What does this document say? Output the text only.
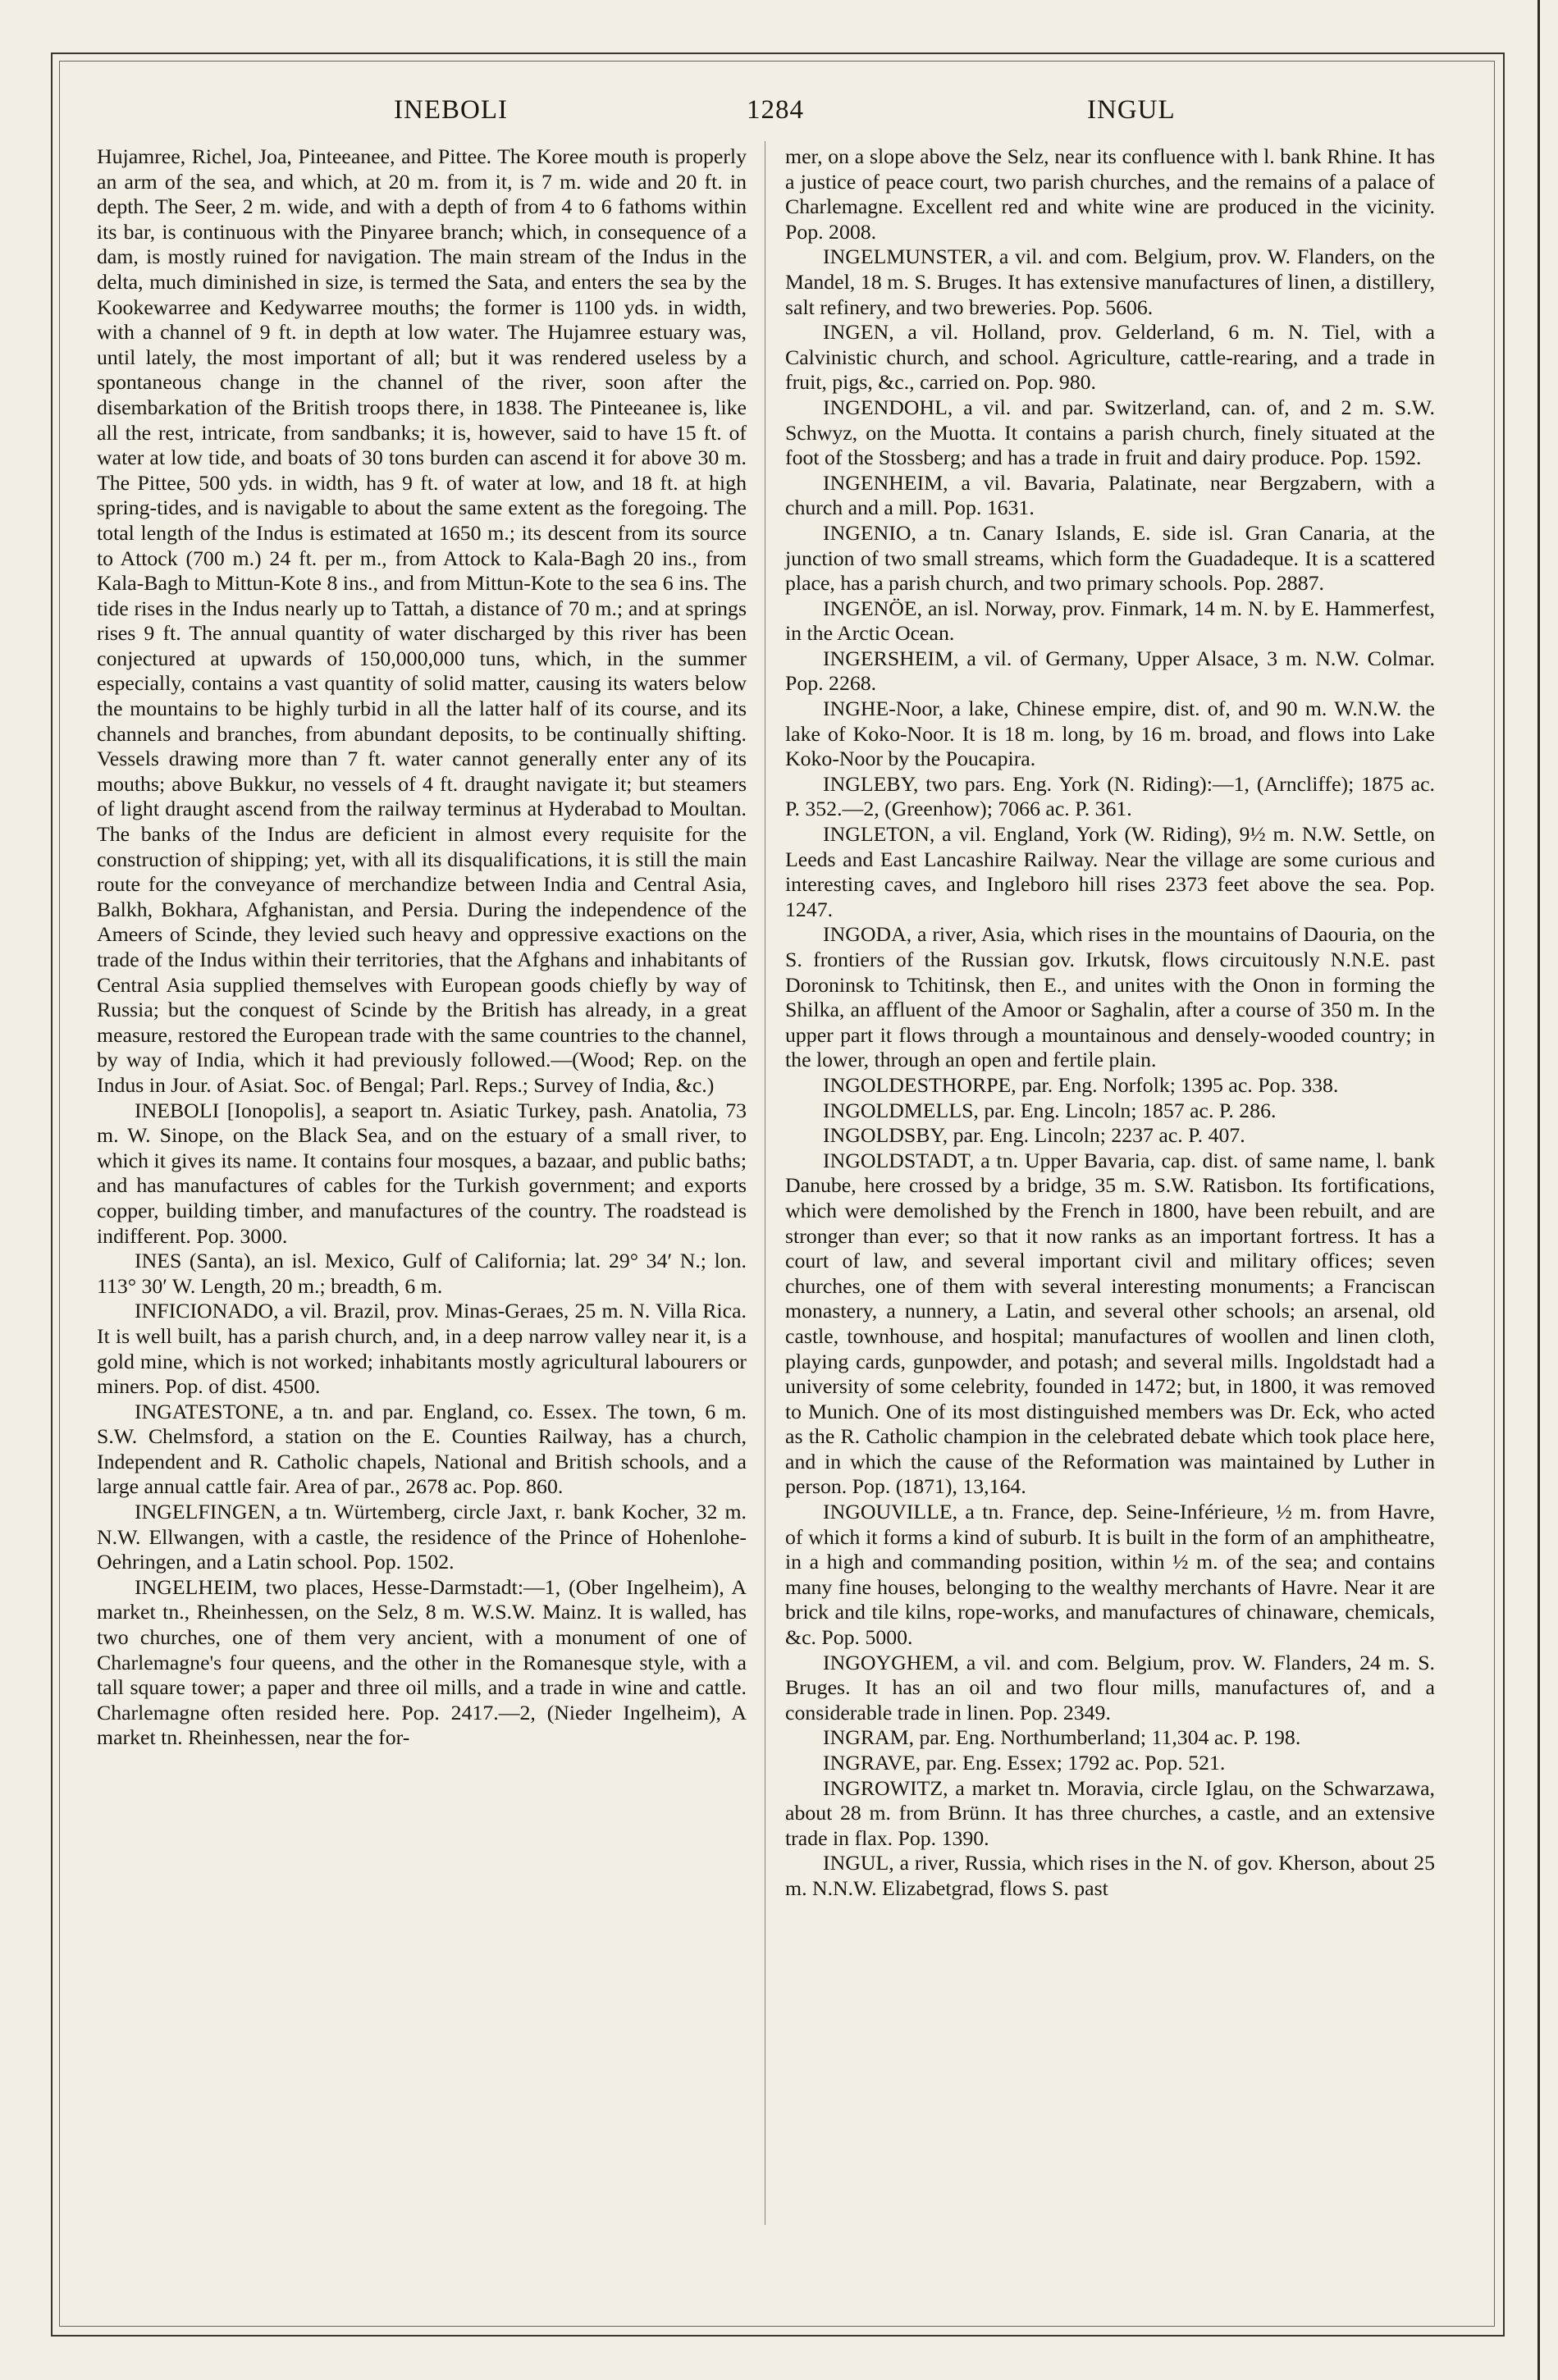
INEBOLI	1284	INGUL

Hujamree, Richel, Joa, Pinteeanee, and Pittee. The Koree mouth is properly an arm of the sea, and which, at 20 m. from it, is 7 m. wide and 20 ft. in depth. The Seer, 2 m. wide, and with a depth of from 4 to 6 fathoms within its bar, is continuous with the Pinyaree branch; which, in consequence of a dam, is mostly ruined for navigation. The main stream of the Indus in the delta, much diminished in size, is termed the Sata, and enters the sea by the Kookewarree and Kedywarree mouths; the former is 1100 yds. in width, with a channel of 9 ft. in depth at low water. The Hujamree estuary was, until lately, the most important of all; but it was rendered useless by a spontaneous change in the channel of the river, soon after the disembarkation of the British troops there, in 1838. The Pinteeanee is, like all the rest, intricate, from sandbanks; it is, however, said to have 15 ft. of water at low tide, and boats of 30 tons burden can ascend it for above 30 m. The Pittee, 500 yds. in width, has 9 ft. of water at low, and 18 ft. at high spring-tides, and is navigable to about the same extent as the foregoing. The total length of the Indus is estimated at 1650 m.; its descent from its source to Attock (700 m.) 24 ft. per m., from Attock to Kala-Bagh 20 ins., from Kala-Bagh to Mittun-Kote 8 ins., and from Mittun-Kote to the sea 6 ins. The tide rises in the Indus nearly up to Tattah, a distance of 70 m.; and at springs rises 9 ft. The annual quantity of water discharged by this river has been conjectured at upwards of 150,000,000 tuns, which, in the summer especially, contains a vast quantity of solid matter, causing its waters below the mountains to be highly turbid in all the latter half of its course, and its channels and branches, from abundant deposits, to be continually shifting. Vessels drawing more than 7 ft. water cannot generally enter any of its mouths; above Bukkur, no vessels of 4 ft. draught navigate it; but steamers of light draught ascend from the railway terminus at Hyderabad to Moultan. The banks of the Indus are deficient in almost every requisite for the construction of shipping; yet, with all its disqualifications, it is still the main route for the conveyance of merchandize between India and Central Asia, Balkh, Bokhara, Afghanistan, and Persia. During the independence of the Ameers of Scinde, they levied such heavy and oppressive exactions on the trade of the Indus within their territories, that the Afghans and inhabitants of Central Asia supplied themselves with European goods chiefly by way of Russia; but the conquest of Scinde by the British has already, in a great measure, restored the European trade with the same countries to the channel, by way of India, which it had previously followed.—(Wood; Rep. on the Indus in Jour. of Asiat. Soc. of Bengal; Parl. Reps.; Survey of India, &c.)

INEBOLI [Ionopolis], a seaport tn. Asiatic Turkey, pash. Anatolia, 73 m. W. Sinope, on the Black Sea, and on the estuary of a small river, to which it gives its name. It contains four mosques, a bazaar, and public baths; and has manufactures of cables for the Turkish government; and exports copper, building timber, and manufactures of the country. The roadstead is indifferent. Pop. 3000.

INES (Santa), an isl. Mexico, Gulf of California; lat. 29° 34′ N.; lon. 113° 30′ W. Length, 20 m.; breadth, 6 m.

INFICIONADO, a vil. Brazil, prov. Minas-Geraes, 25 m. N. Villa Rica. It is well built, has a parish church, and, in a deep narrow valley near it, is a gold mine, which is not worked; inhabitants mostly agricultural labourers or miners. Pop. of dist. 4500.

INGATESTONE, a tn. and par. England, co. Essex. The town, 6 m. S.W. Chelmsford, a station on the E. Counties Railway, has a church, Independent and R. Catholic chapels, National and British schools, and a large annual cattle fair. Area of par., 2678 ac. Pop. 860.

INGELFINGEN, a tn. Würtemberg, circle Jaxt, r. bank Kocher, 32 m. N.W. Ellwangen, with a castle, the residence of the Prince of Hohenlohe-Oehringen, and a Latin school. Pop. 1502.

INGELHEIM, two places, Hesse-Darmstadt:—1, (Ober Ingelheim), A market tn., Rheinhessen, on the Selz, 8 m. W.S.W. Mainz. It is walled, has two churches, one of them very ancient, with a monument of one of Charlemagne's four queens, and the other in the Romanesque style, with a tall square tower; a paper and three oil mills, and a trade in wine and cattle. Charlemagne often resided here. Pop. 2417.—2, (Nieder Ingelheim), A market tn. Rheinhessen, near the for-

mer, on a slope above the Selz, near its confluence with l. bank Rhine. It has a justice of peace court, two parish churches, and the remains of a palace of Charlemagne. Excellent red and white wine are produced in the vicinity. Pop. 2008.

INGELMUNSTER, a vil. and com. Belgium, prov. W. Flanders, on the Mandel, 18 m. S. Bruges. It has extensive manufactures of linen, a distillery, salt refinery, and two breweries. Pop. 5606.

INGEN, a vil. Holland, prov. Gelderland, 6 m. N. Tiel, with a Calvinistic church, and school. Agriculture, cattle-rearing, and a trade in fruit, pigs, &c., carried on. Pop. 980.

INGENDOHL, a vil. and par. Switzerland, can. of, and 2 m. S.W. Schwyz, on the Muotta. It contains a parish church, finely situated at the foot of the Stossberg; and has a trade in fruit and dairy produce. Pop. 1592.

INGENHEIM, a vil. Bavaria, Palatinate, near Bergzabern, with a church and a mill. Pop. 1631.

INGENIO, a tn. Canary Islands, E. side isl. Gran Canaria, at the junction of two small streams, which form the Guadadeque. It is a scattered place, has a parish church, and two primary schools. Pop. 2887.

INGENÖE, an isl. Norway, prov. Finmark, 14 m. N. by E. Hammerfest, in the Arctic Ocean.

INGERSHEIM, a vil. of Germany, Upper Alsace, 3 m. N.W. Colmar. Pop. 2268.

INGHE-Noor, a lake, Chinese empire, dist. of, and 90 m. W.N.W. the lake of Koko-Noor. It is 18 m. long, by 16 m. broad, and flows into Lake Koko-Noor by the Poucapira.

INGLEBY, two pars. Eng. York (N. Riding):—1, (Arncliffe); 1875 ac. P. 352.—2, (Greenhow); 7066 ac. P. 361.

INGLETON, a vil. England, York (W. Riding), 9½ m. N.W. Settle, on Leeds and East Lancashire Railway. Near the village are some curious and interesting caves, and Ingleboro hill rises 2373 feet above the sea. Pop. 1247.

INGODA, a river, Asia, which rises in the mountains of Daouria, on the S. frontiers of the Russian gov. Irkutsk, flows circuitously N.N.E. past Doroninsk to Tchitinsk, then E., and unites with the Onon in forming the Shilka, an affluent of the Amoor or Saghalin, after a course of 350 m. In the upper part it flows through a mountainous and densely-wooded country; in the lower, through an open and fertile plain.

INGOLDESTHORPE, par. Eng. Norfolk; 1395 ac. Pop. 338.

INGOLDMELLS, par. Eng. Lincoln; 1857 ac. P. 286.

INGOLDSBY, par. Eng. Lincoln; 2237 ac. P. 407.

INGOLDSTADT, a tn. Upper Bavaria, cap. dist. of same name, l. bank Danube, here crossed by a bridge, 35 m. S.W. Ratisbon. Its fortifications, which were demolished by the French in 1800, have been rebuilt, and are stronger than ever; so that it now ranks as an important fortress. It has a court of law, and several important civil and military offices; seven churches, one of them with several interesting monuments; a Franciscan monastery, a nunnery, a Latin, and several other schools; an arsenal, old castle, townhouse, and hospital; manufactures of woollen and linen cloth, playing cards, gunpowder, and potash; and several mills. Ingoldstadt had a university of some celebrity, founded in 1472; but, in 1800, it was removed to Munich. One of its most distinguished members was Dr. Eck, who acted as the R. Catholic champion in the celebrated debate which took place here, and in which the cause of the Reformation was maintained by Luther in person. Pop. (1871), 13,164.

INGOUVILLE, a tn. France, dep. Seine-Inférieure, ½ m. from Havre, of which it forms a kind of suburb. It is built in the form of an amphitheatre, in a high and commanding position, within ½ m. of the sea; and contains many fine houses, belonging to the wealthy merchants of Havre. Near it are brick and tile kilns, rope-works, and manufactures of chinaware, chemicals, &c. Pop. 5000.

INGOYGHEM, a vil. and com. Belgium, prov. W. Flanders, 24 m. S. Bruges. It has an oil and two flour mills, manufactures of, and a considerable trade in linen. Pop. 2349.

INGRAM, par. Eng. Northumberland; 11,304 ac. P. 198.

INGRAVE, par. Eng. Essex; 1792 ac. Pop. 521.

INGROWITZ, a market tn. Moravia, circle Iglau, on the Schwarzawa, about 28 m. from Brünn. It has three churches, a castle, and an extensive trade in flax. Pop. 1390.

INGUL, a river, Russia, which rises in the N. of gov. Kherson, about 25 m. N.N.W. Elizabetgrad, flows S. past
